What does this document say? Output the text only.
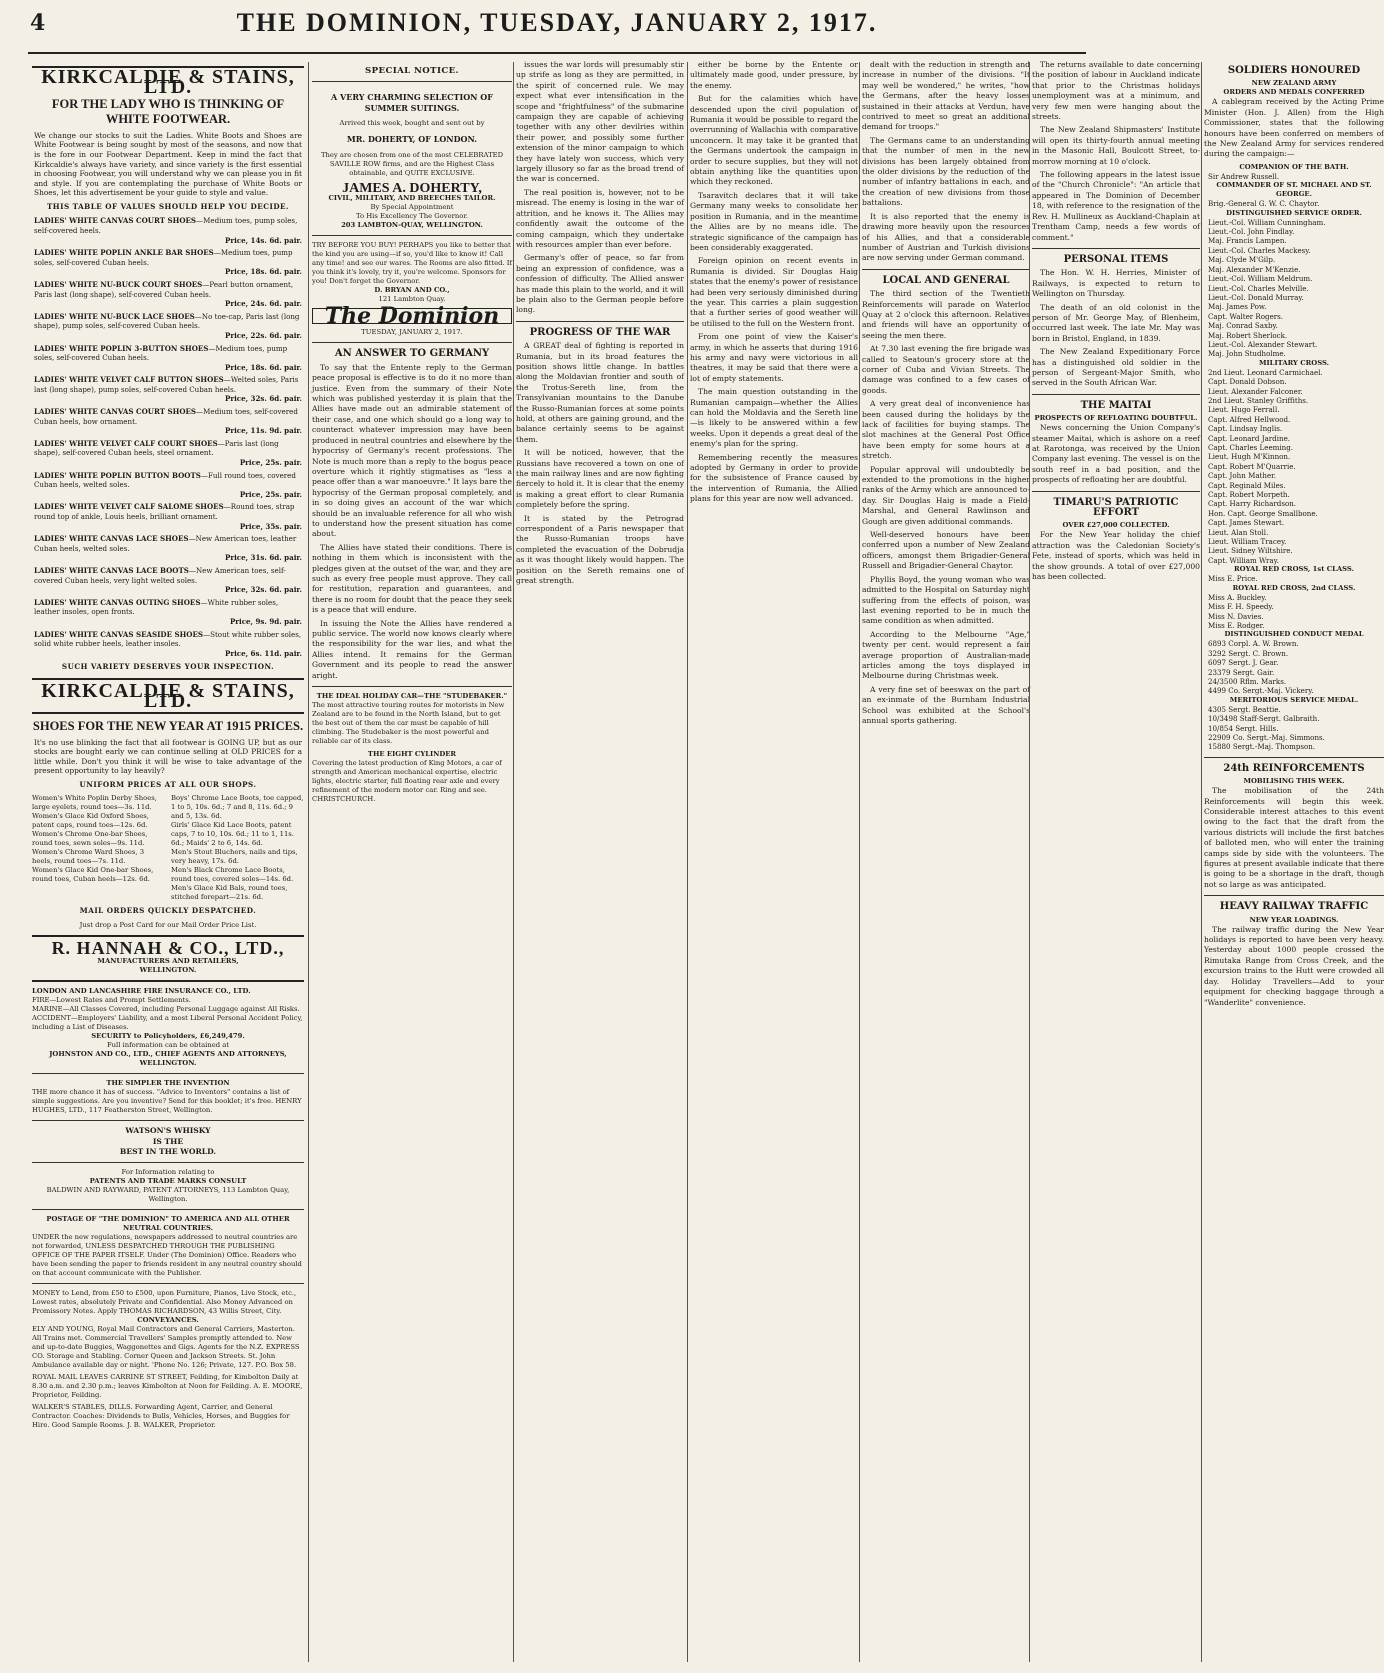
4	THE DOMINION, TUESDAY, JANUARY 2, 1917.
KIRKCALDIE & STAINS, LTD.
FOR THE LADY WHO IS THINKING OF WHITE FOOTWEAR.
We change our stocks to suit the Ladies. White Boots and Shoes are White Footwear is being sought by most of the seasons, and now that is the fore in our Footwear Department. Keep in mind the fact that Kirkcaldie's always have variety, and since variety is the first essential in choosing Footwear, you will understand why we can please you in fit and style. If you are contemplating the purchase of White Boots or Shoes, let this advertisement be your guide to style and value.
THIS TABLE OF VALUES SHOULD HELP YOU DECIDE.
LADIES' WHITE CANVAS COURT SHOES—Medium toes, pump soles, self-covered heels.
Price, 14s. 6d. pair.
LADIES' WHITE POPLIN ANKLE BAR SHOES—Medium toes, pump soles, self-covered Cuban heels.
Price, 18s. 6d. pair.
LADIES' WHITE NU-BUCK COURT SHOES—Pearl button ornament, Paris last (long shape), self-covered Cuban heels.
Price, 24s. 6d. pair.
LADIES' WHITE NU-BUCK LACE SHOES—No toe-cap, Paris last (long shape), pump soles, self-covered Cuban heels.
Price, 22s. 6d. pair.
LADIES' WHITE POPLIN 3-BUTTON SHOES—Medium toes, pump soles, self-covered Cuban heels.
Price, 18s. 6d. pair.
LADIES' WHITE VELVET CALF BUTTON SHOES—Welted soles, Paris last (long shape), pump soles, self-covered Cuban heels.
Price, 32s. 6d. pair.
LADIES' WHITE CANVAS COURT SHOES—Medium toes, self-covered Cuban heels, bow ornament.
Price, 11s. 9d. pair.
LADIES' WHITE VELVET CALF COURT SHOES—Paris last (long shape), self-covered Cuban heels, steel ornament.
Price, 25s. pair.
LADIES' WHITE POPLIN BUTTON BOOTS—Full round toes, covered Cuban heels, welted soles.
Price, 25s. pair.
LADIES' WHITE VELVET CALF SALOME SHOES—Round toes, strap round top of ankle, Louis heels, brilliant ornament.
Price, 35s. pair.
LADIES' WHITE CANVAS LACE SHOES—New American toes, leather Cuban heels, welted soles.
Price, 31s. 6d. pair.
LADIES' WHITE CANVAS LACE BOOTS—New American toes, self-covered Cuban heels, very light welted soles.
Price, 32s. 6d. pair.
LADIES' WHITE CANVAS OUTING SHOES—White rubber soles, leather insoles, open fronts.
Price, 9s. 9d. pair.
LADIES' WHITE CANVAS SEASIDE SHOES—Stout white rubber soles, solid white rubber heels, leather insoles.
Price, 6s. 11d. pair.
SUCH VARIETY DESERVES YOUR INSPECTION.
KIRKCALDIE & STAINS, LTD.
SHOES FOR THE NEW YEAR AT 1915 PRICES.
It's no use blinking the fact that all footwear is GOING UP, but as our stocks are bought early we can continue selling at OLD PRICES for a little while. Don't you think it will be wise to take advantage of the present opportunity to lay heavily?
UNIFORM PRICES AT ALL OUR SHOPS.
Women's White Poplin Derby Shoes, large eyelets, round toes—3s. 11d.
Women's Glace Kid Oxford Shoes, patent caps, round toes—12s. 6d.
Women's Chrome One-bar Shoes, round toes, sewn soles—9s. 11d.
Women's Chrome Ward Shoes, 3 heels, round toes—7s. 11d.
Women's Glace Kid One-bar Shoes, round toes, Cuban heels—12s. 6d.
Boys' Chrome Lace Boots, toe capped, 1 to 5, 10s. 6d.; 7 and 8, 11s. 6d.; 9 and 5, 13s. 6d.
Girls' Glace Kid Lace Boots, patent caps, 7 to 10, 10s. 6d.; 11 to 1, 11s. 6d.; Maids' 2 to 6, 14s. 6d.
Men's Stout Bluchers, nails and tips, very heavy, 17s. 6d.
Men's Black Chrome Lace Boots, round toes, covered soles—14s. 6d.
Men's Glace Kid Bals, round toes, stitched forepart—21s. 6d.
MAIL ORDERS QUICKLY DESPATCHED.
Just drop a Post Card for our Mail Order Price List.
R. HANNAH & CO., LTD.,
MANUFACTURERS AND RETAILERS,
WELLINGTON.
LONDON AND LANCASHIRE FIRE INSURANCE CO., LTD.
FIRE—Lowest Rates and Prompt Settlements.
MARINE—All Classes Covered, including Personal Luggage against All Risks.
ACCIDENT—Employers' Liability, and a most Liberal Personal Accident Policy, including a List of Diseases.
SECURITY to Policyholders, £6,249,479.
Full information can be obtained at
JOHNSTON AND CO., LTD., CHIEF AGENTS AND ATTORNEYS, WELLINGTON.
THE SIMPLER THE INVENTION
THE more chance it has of success. "Advice to Inventors" contains a list of simple suggestions. Are you inventive? Send for this booklet; it's free. HENRY HUGHES, LTD., 117 Featherston Street, Wellington.
WATSON'S WHISKY
IS THE
BEST IN THE WORLD.
For Information relating to
PATENTS AND TRADE MARKS CONSULT
BALDWIN AND RAYWARD, PATENT ATTORNEYS, 113 Lambton Quay, Wellington.
POSTAGE OF "THE DOMINION" TO AMERICA AND ALL OTHER NEUTRAL COUNTRIES.
UNDER the new regulations, newspapers addressed to neutral countries are not forwarded, UNLESS DESPATCHED THROUGH THE PUBLISHING OFFICE OF THE PAPER ITSELF. Under (The Dominion) Office. Readers who have been sending the paper to friends resident in any neutral country should on that account communicate with the Publisher.
MONEY to Lend, from £50 to £500, upon Furniture, Pianos, Live Stock, etc., Lowest rates, absolutely Private and Confidential. Also Money Advanced on Promissory Notes. Apply THOMAS RICHARDSON, 43 Willis Street, City.
CONVEYANCES.
ELY AND YOUNG, Royal Mail Contractors and General Carriers, Masterton. All Trains met. Commercial Travellers' Samples promptly attended to. New and up-to-date Buggies, Waggonettes and Gigs. Agents for the N.Z. EXPRESS CO. Storage and Stabling. Corner Queen and Jackson Streets. St. John Ambulance available day or night. 'Phone No. 126; Private, 127. P.O. Box 58.
ROYAL MAIL LEAVES CARRINE ST STREET, Feilding, for Kimbolton Daily at 8.30 a.m. and 2.30 p.m.; leaves Kimbolton at Noon for Feilding. A. E. MOORE, Proprietor, Feilding.
WALKER'S STABLES, DILLS. Forwarding Agent, Carrier, and General Contractor. Coaches: Dividends to Bulls, Vehicles, Horses, and Buggies for Hire. Good Sample Rooms. J. B. WALKER, Proprietor.
SPECIAL NOTICE.
A VERY CHARMING SELECTION OF SUMMER SUITINGS.
Arrived this week, bought and sent out by
MR. DOHERTY, OF LONDON.
They are chosen from one of the most CELEBRATED SAVILLE ROW firms, and are the Highest Class obtainable, and QUITE EXCLUSIVE.
JAMES A. DOHERTY,
CIVIL, MILITARY, AND BREECHES TAILOR.
By Special Appointment
To His Excellency The Governor.
203 LAMBTON-QUAY, WELLINGTON.
TRY BEFORE YOU BUY! PERHAPS you like to better that the kind you are using—if so, you'd like to know it! Call any time! and see our wares. The Rooms are also fitted. If you think it's lovely, try it, you're welcome. Sponsors for you! Don't forget the Governor.
D. BRYAN AND CO.,
121 Lambton Quay.
The Dominion
TUESDAY, JANUARY 2, 1917.
AN ANSWER TO GERMANY

To say that the Entente reply to the German peace proposal is effective is to do it no more than justice. Even from the summary of their Note which was published yesterday it is plain that the Allies have made out an admirable statement of their case, and one which should go a long way to counteract whatever impression may have been produced in neutral countries and elsewhere by the hypocrisy of Germany's recent professions. The Note is much more than a reply to the bogus peace overture which it rightly stigmatises as "less a peace offer than a war manoeuvre." It lays bare the hypocrisy of the German proposal completely, and in so doing gives an account of the war which should be an invaluable reference for all who wish to understand how the present situation has come about.

The Allies have stated their conditions. There is nothing in them which is inconsistent with the pledges given at the outset of the war, and they are such as every free people must approve. They call for restitution, reparation and guarantees, and there is no room for doubt that the peace they seek is a peace that will endure.

In issuing the Note the Allies have rendered a public service. The world now knows clearly where the responsibility for the war lies, and what the Allies intend. It remains for the German Government and its people to read the answer aright.

THE IDEAL HOLIDAY CAR—THE "STUDEBAKER."
The most attractive touring routes for motorists in New Zealand are to be found in the North Island, but to get the best out of them the car must be capable of hill climbing. The Studebaker is the most powerful and reliable car of its class.
THE EIGHT CYLINDER
Covering the latest production of King Motors, a car of strength and American mechanical expertise, electric lights, electric starter, full floating rear axle and every refinement of the modern motor car. Ring and see. CHRISTCHURCH.

issues the war lords will presumably stir up strife as long as they are permitted, in the spirit of concerned rule. We may expect what ever intensification in the scope and "frightfulness" of the submarine campaign they are capable of achieving together with any other devilries within their power, and possibly some further extension of the minor campaign to which they have lately won success, which very largely illusory so far as the broad trend of the war is concerned.

The real position is, however, not to be misread. The enemy is losing in the war of attrition, and he knows it. The Allies may confidently await the outcome of the coming campaign, which they undertake with resources ampler than ever before.

Germany's offer of peace, so far from being an expression of confidence, was a confession of difficulty. The Allied answer has made this plain to the world, and it will be plain also to the German people before long.

PROGRESS OF THE WAR

A GREAT deal of fighting is reported in Rumania, but in its broad features the position shows little change. In battles along the Moldavian frontier and south of the Trotus-Sereth line, from the Transylvanian mountains to the Danube the Russo-Rumanian forces at some points hold, at others are gaining ground, and the balance certainly seems to be against them.

It will be noticed, however, that the Russians have recovered a town on one of the main railway lines and are now fighting fiercely to hold it. It is clear that the enemy is making a great effort to clear Rumania completely before the spring.

It is stated by the Petrograd correspondent of a Paris newspaper that the Russo-Rumanian troops have completed the evacuation of the Dobrudja as it was thought likely would happen. The position on the Sereth remains one of great strength.

either be borne by the Entente or ultimately made good, under pressure, by the enemy.

But for the calamities which have descended upon the civil population of Rumania it would be possible to regard the overrunning of Wallachia with comparative unconcern. It may take it be granted that the Germans undertook the campaign in order to secure supplies, but they will not obtain anything like the quantities upon which they reckoned.

Tsaravitch declares that it will take Germany many weeks to consolidate her position in Rumania, and in the meantime the Allies are by no means idle. The strategic significance of the campaign has been considerably exaggerated.

Foreign opinion on recent events in Rumania is divided. Sir Douglas Haig states that the enemy's power of resistance had been very seriously diminished during the year. This carries a plain suggestion that a further series of good weather will be utilised to the full on the Western front.

From one point of view the Kaiser's army, in which he asserts that during 1916 his army and navy were victorious in all theatres, it may be said that there were a lot of empty statements.

The main question outstanding in the Rumanian campaign—whether the Allies can hold the Moldavia and the Sereth line—is likely to be answered within a few weeks. Upon it depends a great deal of the enemy's plan for the spring.

Remembering recently the measures adopted by Germany in order to provide for the subsistence of France caused by the intervention of Rumania, the Allied plans for this year are now well advanced.

dealt with the reduction in strength and increase in number of the divisions. "It may well be wondered," he writes, "how the Germans, after the heavy losses sustained in their attacks at Verdun, have contrived to meet so great an additional demand for troops."

The Germans came to an understanding that the number of men in the new divisions has been largely obtained from the older divisions by the reduction of the number of infantry battalions in each, and the creation of new divisions from those battalions.

It is also reported that the enemy is drawing more heavily upon the resources of his Allies, and that a considerable number of Austrian and Turkish divisions are now serving under German command.

LOCAL AND GENERAL

The third section of the Twentieth Reinforcements will parade on Waterloo Quay at 2 o'clock this afternoon. Relatives and friends will have an opportunity of seeing the men there.

At 7.30 last evening the fire brigade was called to Seatoun's grocery store at the corner of Cuba and Vivian Streets. The damage was confined to a few cases of goods.

A very great deal of inconvenience has been caused during the holidays by the lack of facilities for buying stamps. The slot machines at the General Post Office have been empty for some hours at a stretch.

Popular approval will undoubtedly be extended to the promotions in the higher ranks of the Army which are announced to-day. Sir Douglas Haig is made a Field-Marshal, and General Rawlinson and Gough are given additional commands.

Well-deserved honours have been conferred upon a number of New Zealand officers, amongst them Brigadier-General Russell and Brigadier-General Chaytor.

Phyllis Boyd, the young woman who was admitted to the Hospital on Saturday night suffering from the effects of poison, was last evening reported to be in much the same condition as when admitted.

According to the Melbourne "Age," twenty per cent. would represent a fair average proportion of Australian-made articles among the toys displayed in Melbourne during Christmas week.

A very fine set of beeswax on the part of an ex-inmate of the Burnham Industrial School was exhibited at the School's annual sports gathering.

The returns available to date concerning the position of labour in Auckland indicate that prior to the Christmas holidays unemployment was at a minimum, and very few men were hanging about the streets.

The New Zealand Shipmasters' Institute will open its thirty-fourth annual meeting in the Masonic Hall, Boulcott Street, to-morrow morning at 10 o'clock.

The following appears in the latest issue of the "Church Chronicle": "An article that appeared in The Dominion of December 18, with reference to the resignation of the Rev. H. Mullineux as Auckland-Chaplain at Trentham Camp, needs a few words of comment."

PERSONAL ITEMS

The Hon. W. H. Herries, Minister of Railways, is expected to return to Wellington on Thursday.

The death of an old colonist in the person of Mr. George May, of Blenheim, occurred last week. The late Mr. May was born in Bristol, England, in 1839.

The New Zealand Expeditionary Force has a distinguished old soldier in the person of Sergeant-Major Smith, who served in the South African War.

THE MAITAI
PROSPECTS OF REFLOATING DOUBTFUL.

News concerning the Union Company's steamer Maitai, which is ashore on a reef at Rarotonga, was received by the Union Company last evening. The vessel is on the south reef in a bad position, and the prospects of refloating her are doubtful.

TIMARU'S PATRIOTIC EFFORT
OVER £27,000 COLLECTED.

For the New Year holiday the chief attraction was the Caledonian Society's Fete, instead of sports, which was held in the show grounds. A total of over £27,000 has been collected.

SOLDIERS HONOURED
NEW ZEALAND ARMY
ORDERS AND MEDALS CONFERRED

A cablegram received by the Acting Prime Minister (Hon. J. Allen) from the High Commissioner, states that the following honours have been conferred on members of the New Zealand Army for services rendered during the campaign:—

COMPANION OF THE BATH.
Sir Andrew Russell.
COMMANDER OF ST. MICHAEL AND ST. GEORGE.
Brig.-General G. W. C. Chaytor.
DISTINGUISHED SERVICE ORDER.
Lieut.-Col. William Cunningham.
Lieut.-Col. John Findlay.
Maj. Francis Lampen.
Lieut.-Col. Charles Mackesy.
Maj. Clyde M'Gilp.
Maj. Alexander M'Kenzie.
Lieut.-Col. William Meldrum.
Lieut.-Col. Charles Melville.
Lieut.-Col. Donald Murray.
Maj. James Pow.
Capt. Walter Rogers.
Maj. Conrad Saxby.
Maj. Robert Sherlock.
Lieut.-Col. Alexander Stewart.
Maj. John Studholme.
MILITARY CROSS.
2nd Lieut. Leonard Carmichael.
Capt. Donald Dobson.
Lieut. Alexander Falconer.
2nd Lieut. Stanley Griffiths.
Lieut. Hugo Ferrall.
Capt. Alfred Hellwood.
Capt. Lindsay Inglis.
Capt. Leonard Jardine.
Capt. Charles Leeming.
Lieut. Hugh M'Kinnon.
Capt. Robert M'Quarrie.
Capt. John Mather.
Capt. Reginald Miles.
Capt. Robert Morpeth.
Capt. Harry Richardson.
Hon. Capt. George Smallbone.
Capt. James Stewart.
Lieut. Alan Stoll.
Lieut. William Tracey.
Lieut. Sidney Wiltshire.
Capt. William Wray.
ROYAL RED CROSS, 1st CLASS.
Miss E. Price.
ROYAL RED CROSS, 2nd CLASS.
Miss A. Buckley.
Miss F. H. Speedy.
Miss N. Davies.
Miss E. Rodger.
DISTINGUISHED CONDUCT MEDAL
6893 Corpl. A. W. Brown.
3292 Sergt. C. Brown.
6097 Sergt. J. Gear.
23379 Sergt. Gair.
24/3500 Rflm. Marks.
4499 Co. Sergt.-Maj. Vickery.
MERITORIOUS SERVICE MEDAL.
4305 Sergt. Beattie.
10/3498 Staff-Sergt. Galbraith.
10/854 Sergt. Hills.
22909 Co. Sergt.-Maj. Simmons.
15880 Sergt.-Maj. Thompson.
24th REINFORCEMENTS
MOBILISING THIS WEEK.

The mobilisation of the 24th Reinforcements will begin this week. Considerable interest attaches to this event owing to the fact that the draft from the various districts will include the first batches of balloted men, who will enter the training camps side by side with the volunteers. The figures at present available indicate that there is going to be a shortage in the draft, though not so large as was anticipated.

HEAVY RAILWAY TRAFFIC
NEW YEAR LOADINGS.

The railway traffic during the New Year holidays is reported to have been very heavy. Yesterday about 1000 people crossed the Rimutaka Range from Cross Creek, and the excursion trains to the Hutt were crowded all day. Holiday Travellers—Add to your equipment for checking baggage through a "Wanderlite" convenience.
